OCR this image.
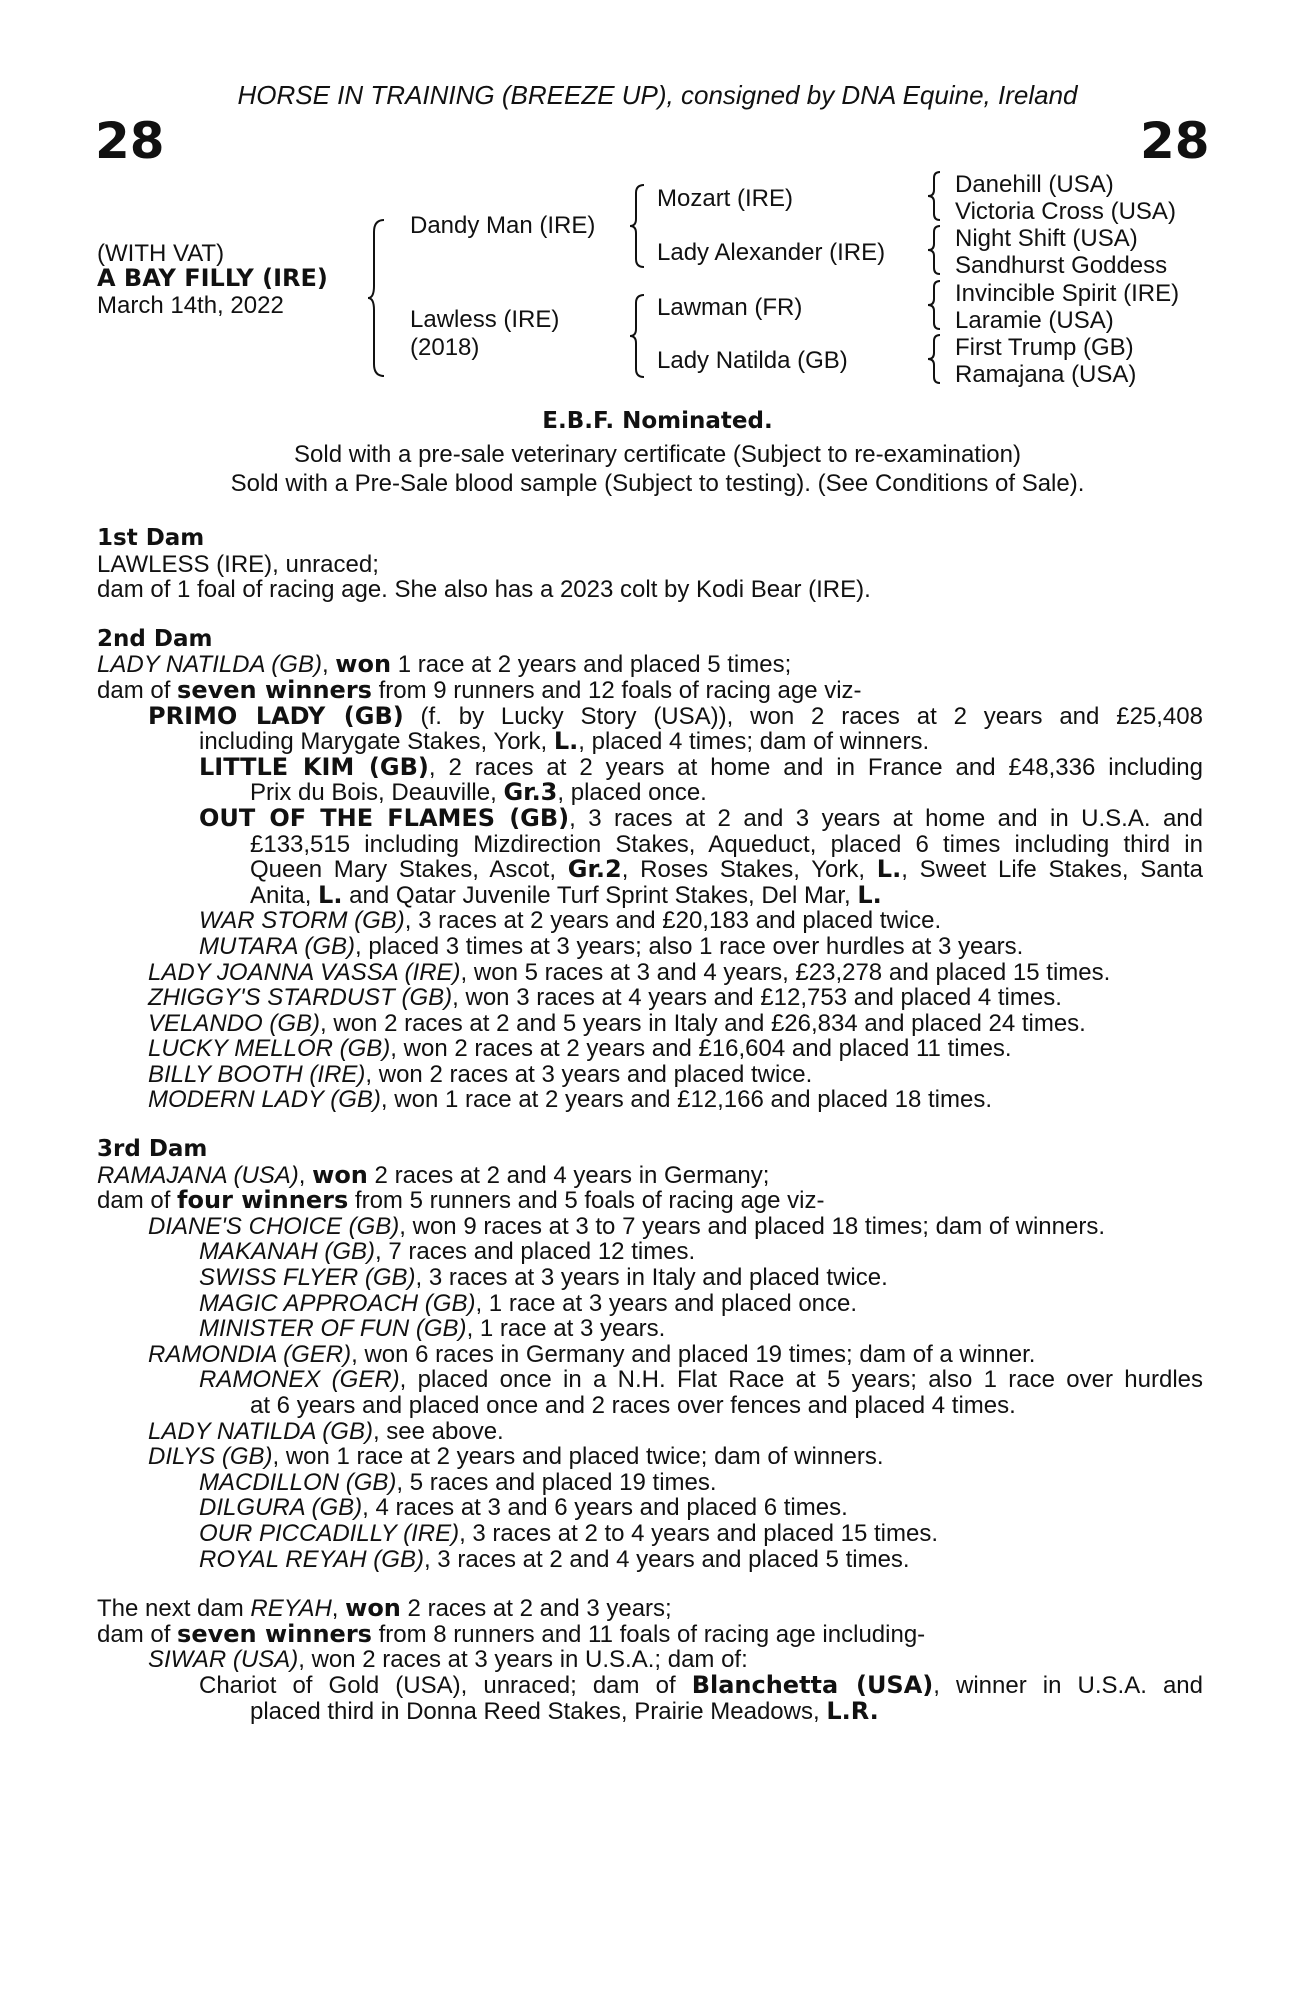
HORSE IN TRAINING (BREEZE UP), consigned by DNA Equine, Ireland
28	28
(WITH VAT)
A BAY FILLY (IRE)
March 14th, 2022
Dandy Man (IRE)
Lawless (IRE)
(2018)
Mozart (IRE)
Lady Alexander (IRE)
Lawman (FR)
Lady Natilda (GB)
Danehill (USA)
Victoria Cross (USA)
Night Shift (USA)
Sandhurst Goddess
Invincible Spirit (IRE)
Laramie (USA)
First Trump (GB)
Ramajana (USA)
E.B.F. Nominated.
Sold with a pre-sale veterinary certificate (Subject to re-examination)
Sold with a Pre-Sale blood sample (Subject to testing). (See Conditions of Sale).
1st Dam
LAWLESS (IRE), unraced;
dam of 1 foal of racing age. She also has a 2023 colt by Kodi Bear (IRE).
2nd Dam
LADY NATILDA (GB), won 1 race at 2 years and placed 5 times;
dam of seven winners from 9 runners and 12 foals of racing age viz-
PRIMO LADY (GB) (f. by Lucky Story (USA)), won 2 races at 2 years and £25,408
including Marygate Stakes, York, L., placed 4 times; dam of winners.
LITTLE KIM (GB), 2 races at 2 years at home and in France and £48,336 including
Prix du Bois, Deauville, Gr.3, placed once.
OUT OF THE FLAMES (GB), 3 races at 2 and 3 years at home and in U.S.A. and
£133,515 including Mizdirection Stakes, Aqueduct, placed 6 times including third in
Queen Mary Stakes, Ascot, Gr.2, Roses Stakes, York, L., Sweet Life Stakes, Santa
Anita, L. and Qatar Juvenile Turf Sprint Stakes, Del Mar, L.
WAR STORM (GB), 3 races at 2 years and £20,183 and placed twice.
MUTARA (GB), placed 3 times at 3 years; also 1 race over hurdles at 3 years.
LADY JOANNA VASSA (IRE), won 5 races at 3 and 4 years, £23,278 and placed 15 times.
ZHIGGY'S STARDUST (GB), won 3 races at 4 years and £12,753 and placed 4 times.
VELANDO (GB), won 2 races at 2 and 5 years in Italy and £26,834 and placed 24 times.
LUCKY MELLOR (GB), won 2 races at 2 years and £16,604 and placed 11 times.
BILLY BOOTH (IRE), won 2 races at 3 years and placed twice.
MODERN LADY (GB), won 1 race at 2 years and £12,166 and placed 18 times.
3rd Dam
RAMAJANA (USA), won 2 races at 2 and 4 years in Germany;
dam of four winners from 5 runners and 5 foals of racing age viz-
DIANE'S CHOICE (GB), won 9 races at 3 to 7 years and placed 18 times; dam of winners.
MAKANAH (GB), 7 races and placed 12 times.
SWISS FLYER (GB), 3 races at 3 years in Italy and placed twice.
MAGIC APPROACH (GB), 1 race at 3 years and placed once.
MINISTER OF FUN (GB), 1 race at 3 years.
RAMONDIA (GER), won 6 races in Germany and placed 19 times; dam of a winner.
RAMONEX (GER), placed once in a N.H. Flat Race at 5 years; also 1 race over hurdles
at 6 years and placed once and 2 races over fences and placed 4 times.
LADY NATILDA (GB), see above.
DILYS (GB), won 1 race at 2 years and placed twice; dam of winners.
MACDILLON (GB), 5 races and placed 19 times.
DILGURA (GB), 4 races at 3 and 6 years and placed 6 times.
OUR PICCADILLY (IRE), 3 races at 2 to 4 years and placed 15 times.
ROYAL REYAH (GB), 3 races at 2 and 4 years and placed 5 times.
The next dam REYAH, won 2 races at 2 and 3 years;
dam of seven winners from 8 runners and 11 foals of racing age including-
SIWAR (USA), won 2 races at 3 years in U.S.A.; dam of:
Chariot of Gold (USA), unraced; dam of Blanchetta (USA), winner in U.S.A. and
placed third in Donna Reed Stakes, Prairie Meadows, L.R.
